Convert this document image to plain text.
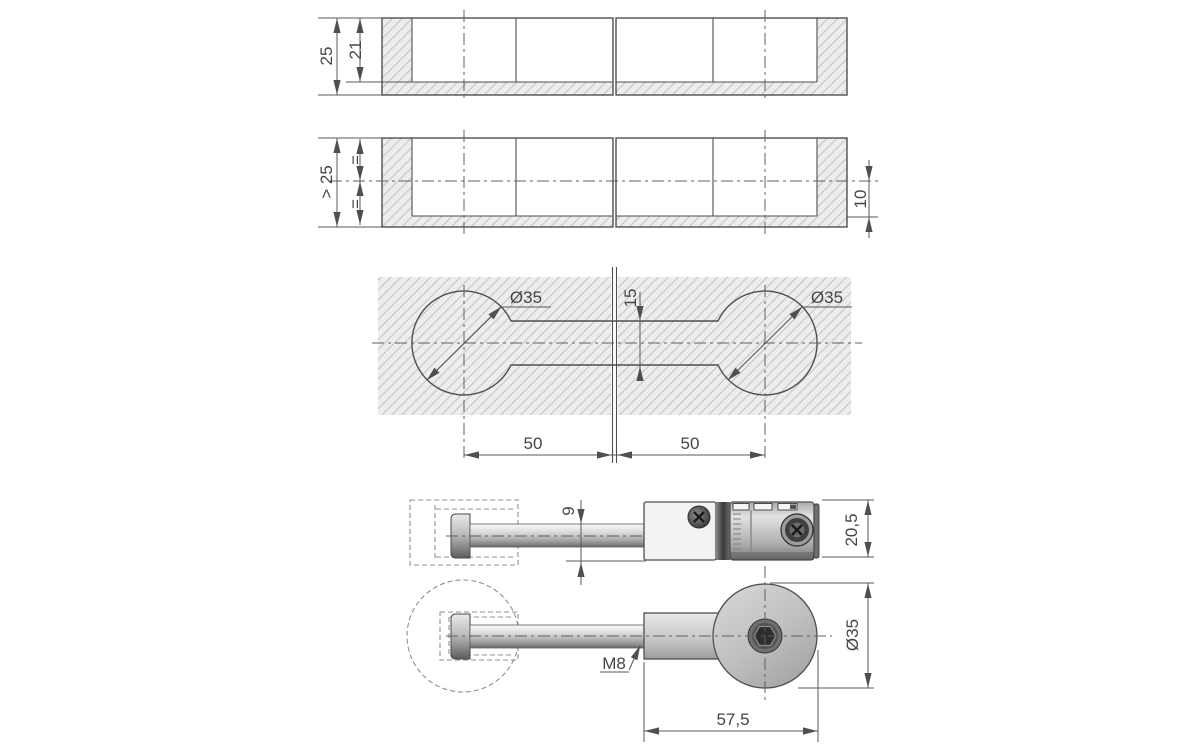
25 21
> 25
=
=	10
Ø35	Ø35
15
50	50
9
20,5
M8
Ø35
57,5
